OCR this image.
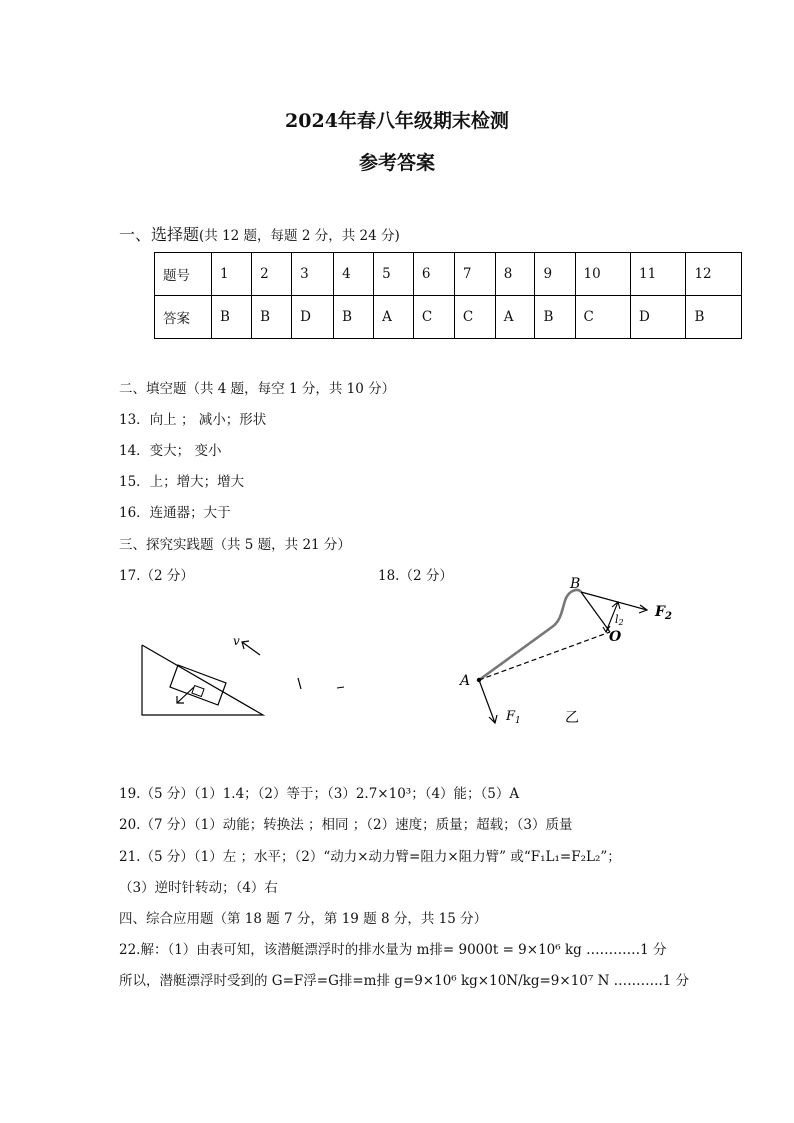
2024年春八年级期末检测
参考答案
一、选择题(共 12 题，每题 2 分，共 24 分)
题号	1	2	3	4	5	6	7	8	9	10	11	12
答案	B	B	D	B	A	C	C	A	B	C	D	B
二、填空题（共 4 题，每空 1 分，共 10 分）
13．向上 ； 减小；形状
14．变大； 变小
15．上；增大；增大
16．连通器；大于
三、探究实践题（共 5 题，共 21 分）
17.（2 分）	18.（2 分）
v
B
A
O
$F_2$
l2
$F_1$	乙
19.（5 分）（1）1.4；（2）等于；（3）2.7×10³；（4）能；（5）A
20.（7 分）（1）动能；转换法 ；相同 ；（2）速度；质量；超载；（3）质量
21.（5 分）（1）左 ；水平；（2）“动力×动力臂=阻力×阻力臂” 或“F₁L₁=F₂L₂”；
（3）逆时针转动；（4）右
四、综合应用题（第 18 题 7 分，第 19 题 8 分，共 15 分）
22.解：（1）由表可知，该潜艇漂浮时的排水量为 m排= 9000t = 9×10⁶ kg …………1 分
所以，潜艇漂浮时受到的 G=F浮=G排=m排 g=9×10⁶ kg×10N/kg=9×10⁷ N ………..1 分
